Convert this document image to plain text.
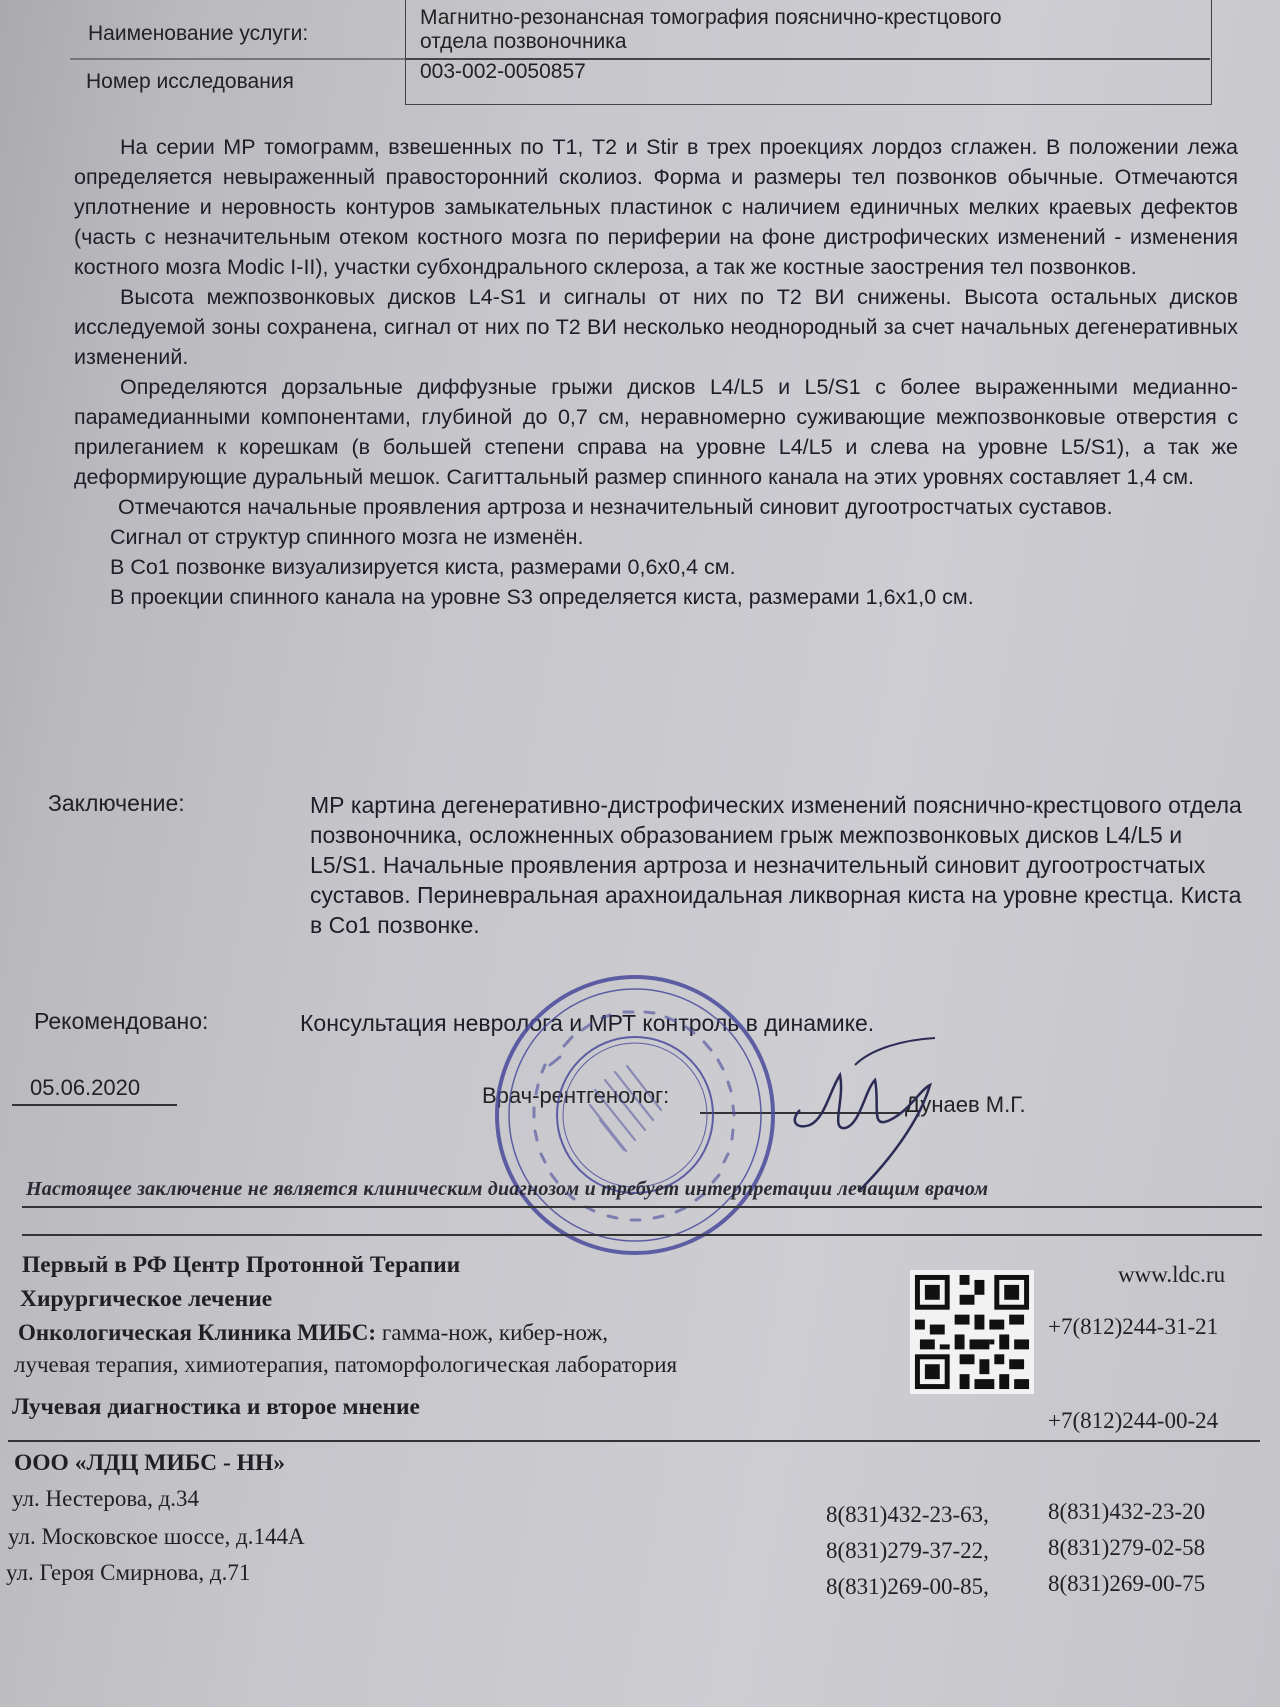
Наименование услуги:
Магнитно-резонансная томография пояснично-крестцового
отдела позвоночника
Номер исследования	003-002-0050857

На серии МР томограмм, взвешенных по Т1, Т2 и Stir в трех проекциях лордоз сглажен. В положении лежа определяется невыраженный правосторонний сколиоз. Форма и размеры тел позвонков обычные. Отмечаются уплотнение и неровность контуров замыкательных пластинок с наличием единичных мелких краевых дефектов (часть с незначительным отеком костного мозга по периферии на фоне дистрофических изменений - изменения костного мозга Modic I-II), участки субхондрального склероза, а так же костные заострения тел позвонков.

Высота межпозвонковых дисков L4-S1 и сигналы от них по Т2 ВИ снижены. Высота остальных дисков исследуемой зоны сохранена, сигнал от них по Т2 ВИ несколько неоднородный за счет начальных дегенеративных изменений.

Определяются дорзальные диффузные грыжи дисков L4/L5 и L5/S1 с более выраженными медианно-парамедианными компонентами, глубиной до 0,7 см, неравномерно суживающие межпозвонковые отверстия с прилеганием к корешкам (в большей степени справа на уровне L4/L5 и слева на уровне L5/S1), а так же деформирующие дуральный мешок. Сагиттальный размер спинного канала на этих уровнях составляет 1,4 см.

Отмечаются начальные проявления артроза и незначительный синовит дугоотростчатых суставов.

Сигнал от структур спинного мозга не изменён.

В Со1 позвонке визуализируется киста, размерами 0,6х0,4 см.

В проекции спинного канала на уровне S3 определяется киста, размерами 1,6х1,0 см.

Заключение:	МР картина дегенеративно-дистрофических изменений пояснично-крестцового отдела позвоночника, осложненных образованием грыж межпозвонковых дисков L4/L5 и L5/S1. Начальные проявления артроза и незначительный синовит дугоотростчатых суставов. Периневральная арахноидальная ликворная киста на уровне крестца. Киста в Со1 позвонке.
Рекомендовано:	Консультация невролога и МРТ контроль в динамике.
05.06.2020	Врач-рентгенолог:	Дунаев М.Г.
Настоящее заключение не является клиническим диагнозом и требует интерпретации лечащим врачом
Первый в РФ Центр Протонной Терапии
Хирургическое лечение
Онкологическая Клиника МИБС: гамма-нож, кибер-нож,
лучевая терапия, химиотерапия, патоморфологическая лаборатория
Лучевая диагностика и второе мнение
www.ldc.ru
+7(812)244-31-21
+7(812)244-00-24
ООО «ЛДЦ МИБС - НН»
ул. Нестерова, д.34
ул. Московское шоссе, д.144А
ул. Героя Смирнова, д.71
8(831)432-23-63,	8(831)432-23-20
8(831)279-37-22,	8(831)279-02-58
8(831)269-00-85,	8(831)269-00-75
